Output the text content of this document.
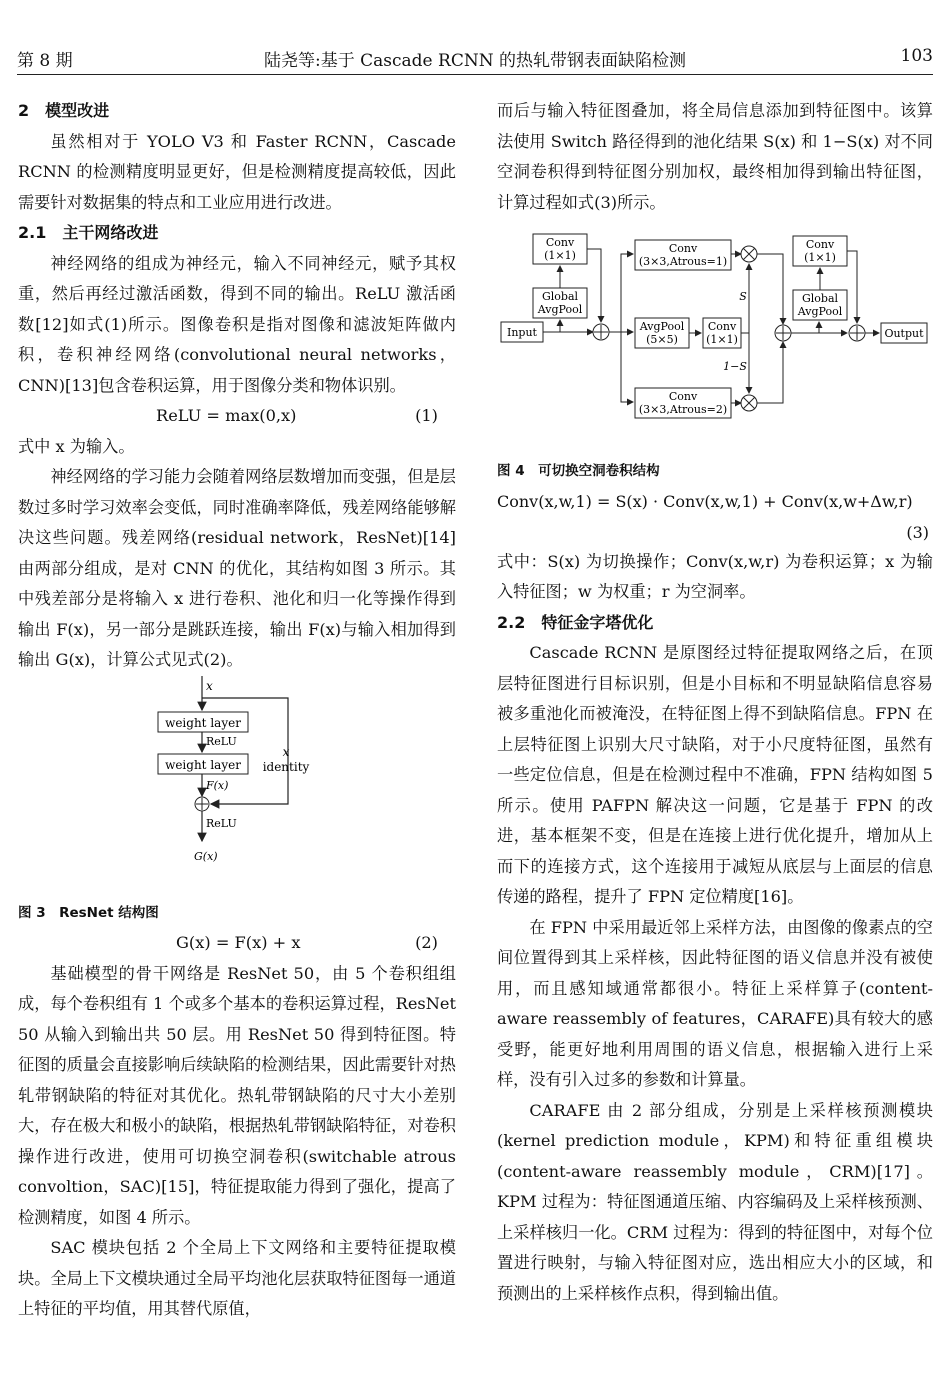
第 8 期	陆尧等:基于 Cascade RCNN 的热轧带钢表面缺陷检测	103

2　模型改进

虽然相对于 YOLO V3 和 Faster RCNN，Cascade RCNN 的检测精度明显更好，但是检测精度提高较低，因此需要针对数据集的特点和工业应用进行改进。

2.1　主干网络改进

神经网络的组成为神经元，输入不同神经元，赋予其权重，然后再经过激活函数，得到不同的输出。ReLU 激活函数[12]如式(1)所示。图像卷积是指对图像和滤波矩阵做内积，卷积神经网络(convolutional neural networks，CNN)[13]包含卷积运算，用于图像分类和物体识别。

ReLU = max(0,x)	(1)

式中 x 为输入。

神经网络的学习能力会随着网络层数增加而变强，但是层数过多时学习效率会变低，同时准确率降低，残差网络能够解决这些问题。残差网络(residual network，ResNet)[14]由两部分组成，是对 CNN 的优化，其结构如图 3 所示。其中残差部分是将输入 x 进行卷积、池化和归一化等操作得到输出 F(x)，另一部分是跳跃连接，输出 F(x)与输入相加得到输出 G(x)，计算公式见式(2)。

x
weight layer
ReLU
weight layer
F(x)
x
identity
ReLU
G(x)

图 3　ResNet 结构图

G(x) = F(x) + x	(2)

基础模型的骨干网络是 ResNet 50，由 5 个卷积组组成，每个卷积组有 1 个或多个基本的卷积运算过程，ResNet 50 从输入到输出共 50 层。用 ResNet 50 得到特征图。特征图的质量会直接影响后续缺陷的检测结果，因此需要针对热轧带钢缺陷的特征对其优化。热轧带钢缺陷的尺寸大小差别大，存在极大和极小的缺陷，根据热轧带钢缺陷特征，对卷积操作进行改进，使用可切换空洞卷积(switchable atrous convoltion，SAC)[15]，特征提取能力得到了强化，提高了检测精度，如图 4 所示。

SAC 模块包括 2 个全局上下文网络和主要特征提取模块。全局上下文模块通过全局平均池化层获取特征图每一通道上特征的平均值，用其替代原值，

而后与输入特征图叠加，将全局信息添加到特征图中。该算法使用 Switch 路径得到的池化结果 S(x) 和 1−S(x) 对不同空洞卷积得到特征图分别加权，最终相加得到输出特征图，计算过程如式(3)所示。

Conv
(1×1)
Global
AvgPool
Input
Conv
(3×3,Atrous=1)
AvgPool
(5×5)
Conv
(1×1)
Conv
(3×3,Atrous=2)
S
1−S
Global
AvgPool
Conv
(1×1)
Output

图 4　可切换空洞卷积结构

Conv(x,w,1) = S(x) · Conv(x,w,1) + Conv(x,w+Δw,r)
(3)

式中：S(x) 为切换操作；Conv(x,w,r) 为卷积运算；x 为输入特征图；w 为权重；r 为空洞率。

2.2　特征金字塔优化

Cascade RCNN 是原图经过特征提取网络之后，在顶层特征图进行目标识别，但是小目标和不明显缺陷信息容易被多重池化而被淹没，在特征图上得不到缺陷信息。FPN 在上层特征图上识别大尺寸缺陷，对于小尺度特征图，虽然有一些定位信息，但是在检测过程中不准确，FPN 结构如图 5 所示。使用 PAFPN 解决这一问题，它是基于 FPN 的改进，基本框架不变，但是在连接上进行优化提升，增加从上而下的连接方式，这个连接用于减短从底层与上面层的信息传递的路程，提升了 FPN 定位精度[16]。

在 FPN 中采用最近邻上采样方法，由图像的像素点的空间位置得到其上采样核，因此特征图的语义信息并没有被使用，而且感知域通常都很小。特征上采样算子(content-aware reassembly of features，CARAFE)具有较大的感受野，能更好地利用周围的语义信息，根据输入进行上采样，没有引入过多的参数和计算量。

CARAFE 由 2 部分组成，分别是上采样核预测模块(kernel prediction module，KPM)和特征重组模块(content-aware reassembly module，CRM)[17]。KPM 过程为：特征图通道压缩、内容编码及上采样核预测、上采样核归一化。CRM 过程为：得到的特征图中，对每个位置进行映射，与输入特征图对应，选出相应大小的区域，和预测出的上采样核作点积，得到输出值。
